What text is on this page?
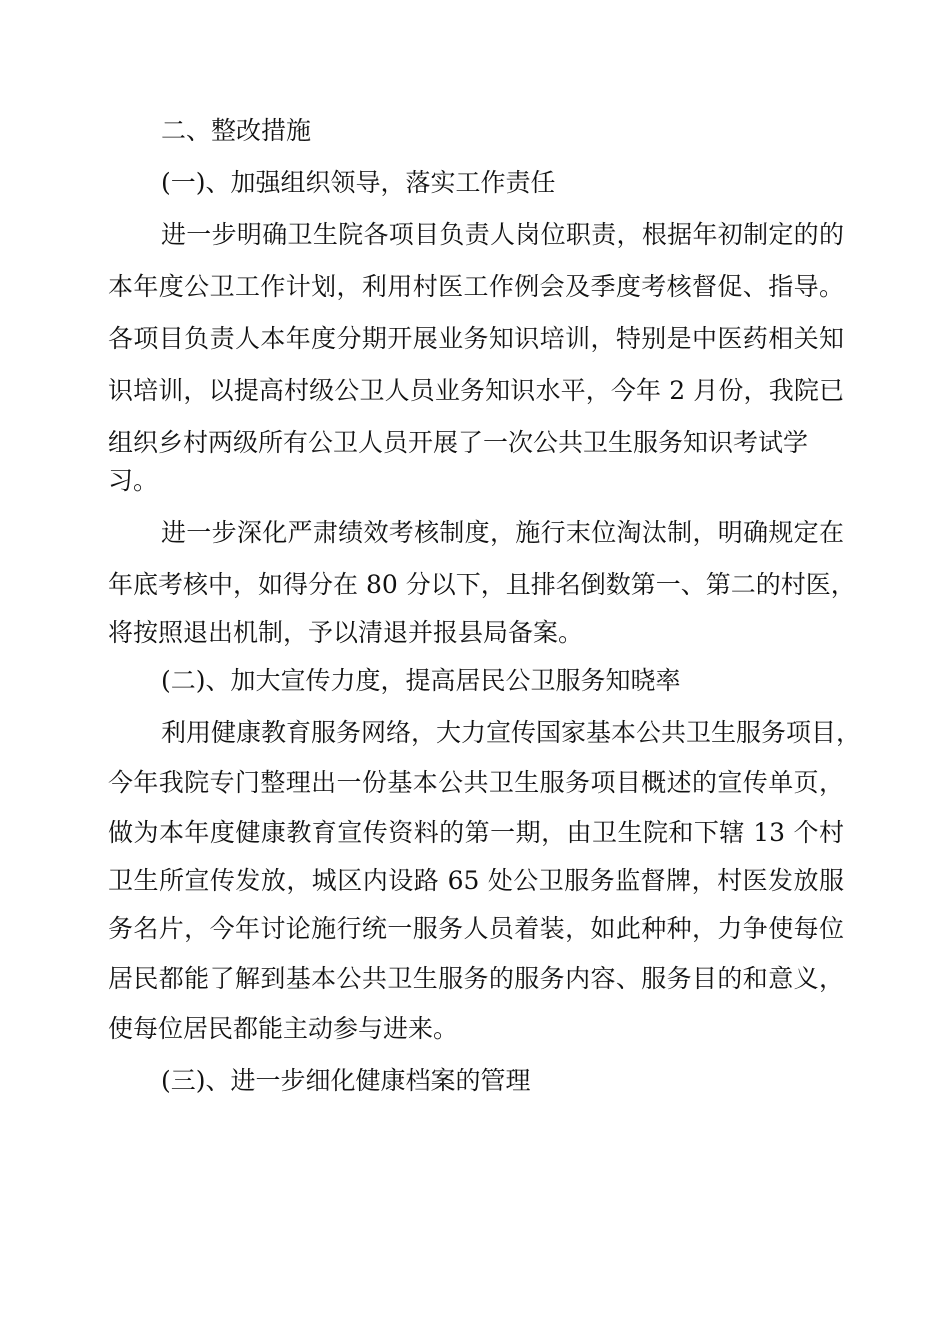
二、整改措施
(一)、加强组织领导，落实工作责任
进一步明确卫生院各项目负责人岗位职责，根据年初制定的的
本年度公卫工作计划，利用村医工作例会及季度考核督促、指导。
各项目负责人本年度分期开展业务知识培训，特别是中医药相关知
识培训，以提高村级公卫人员业务知识水平，今年 2 月份，我院已
组织乡村两级所有公卫人员开展了一次公共卫生服务知识考试学
习。
进一步深化严肃绩效考核制度，施行末位淘汰制，明确规定在
年底考核中，如得分在 80 分以下，且排名倒数第一、第二的村医，
将按照退出机制，予以清退并报县局备案。
(二)、加大宣传力度，提高居民公卫服务知晓率
利用健康教育服务网络，大力宣传国家基本公共卫生服务项目，
今年我院专门整理出一份基本公共卫生服务项目概述的宣传单页，
做为本年度健康教育宣传资料的第一期，由卫生院和下辖 13 个村
卫生所宣传发放，城区内设路 65 处公卫服务监督牌，村医发放服
务名片，今年讨论施行统一服务人员着装，如此种种，力争使每位
居民都能了解到基本公共卫生服务的服务内容、服务目的和意义，
使每位居民都能主动参与进来。
(三)、进一步细化健康档案的管理
